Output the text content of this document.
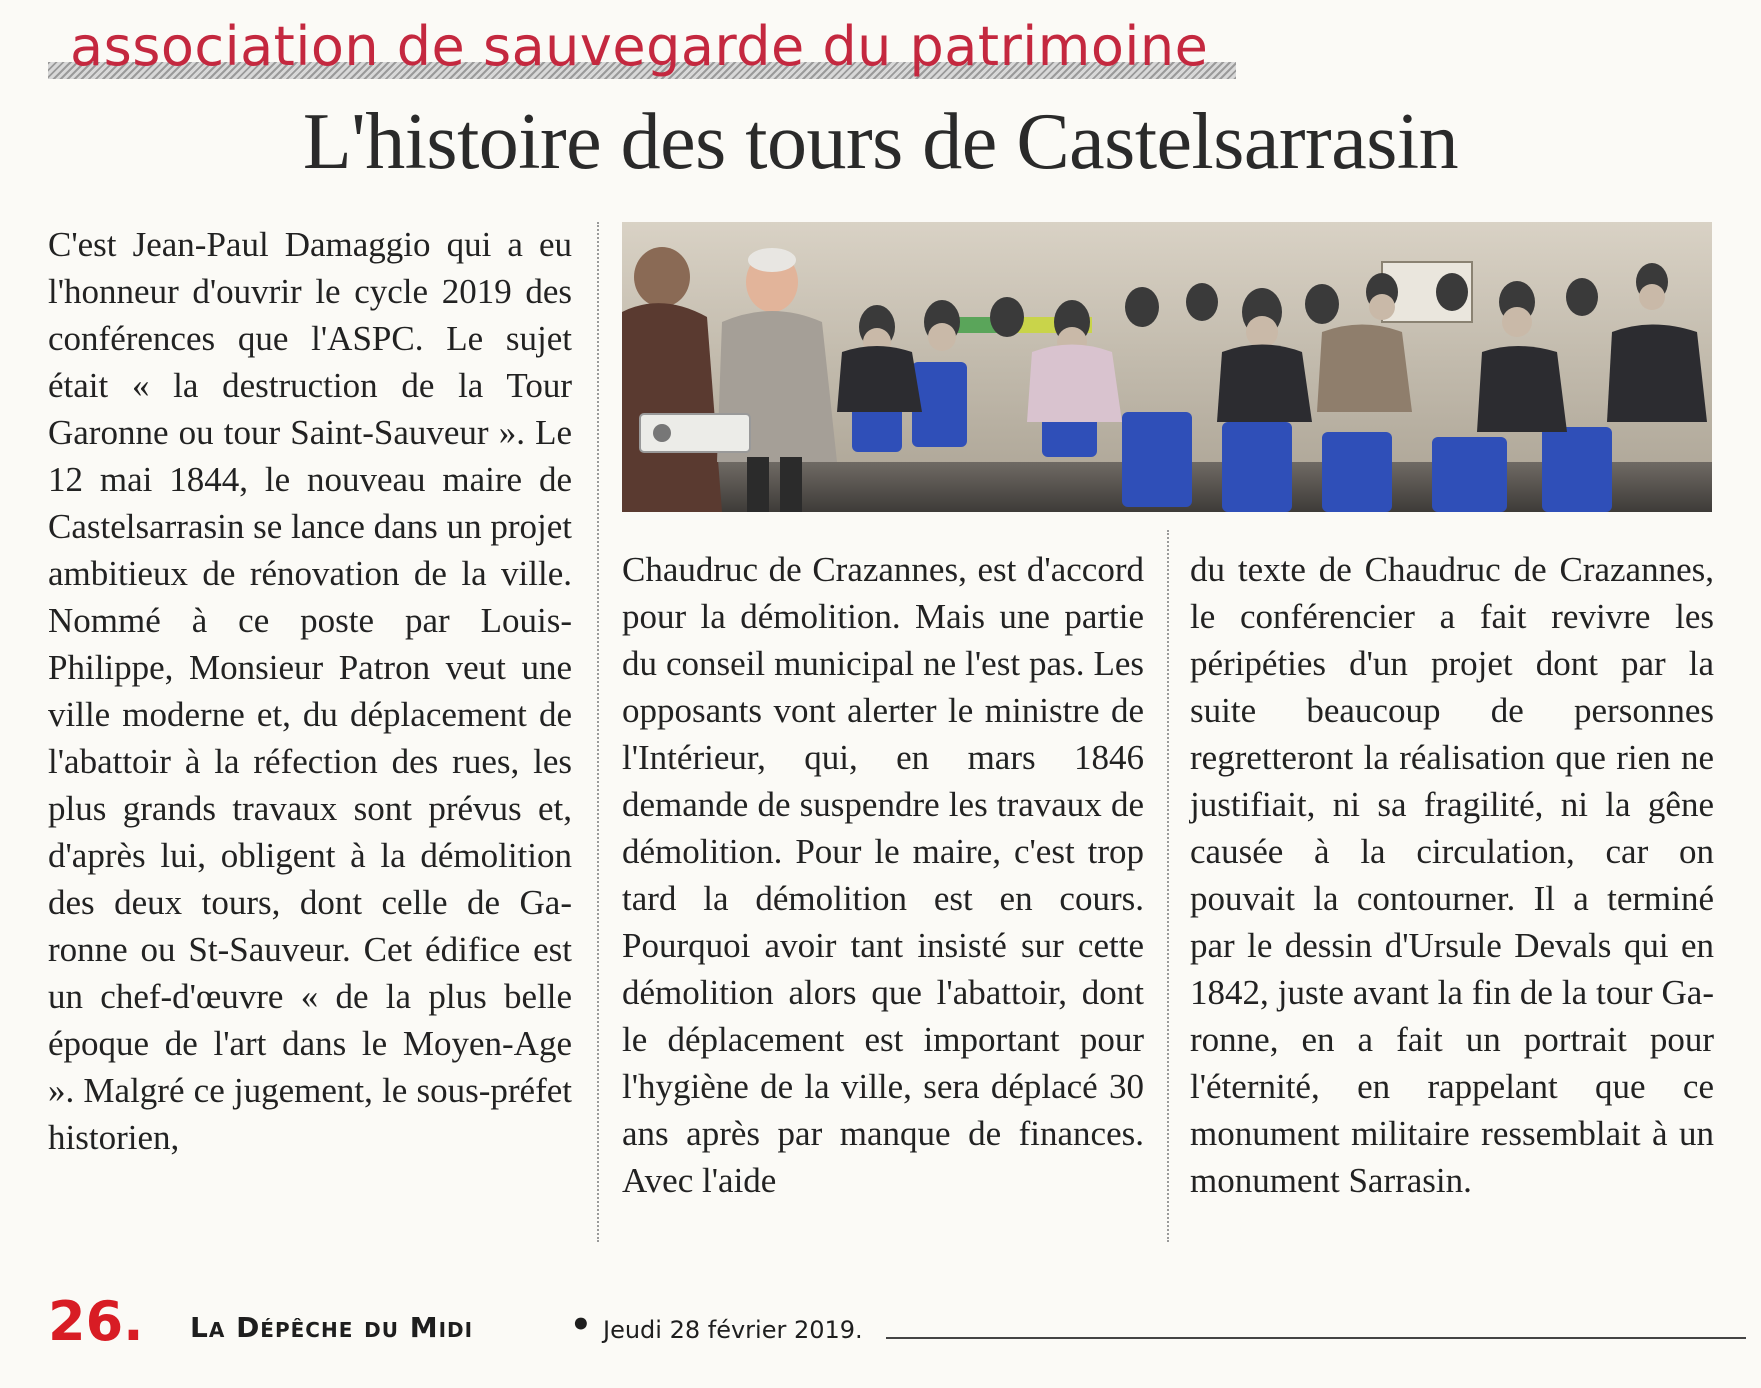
association de sauvegarde du patrimoine
L'histoire des tours de Castelsarrasin

C'est Jean-Paul Damaggio qui a eu l'honneur d'ouvrir le cycle 2019 des conférences que l'ASPC. Le sujet était « la destruction de la Tour Garonne ou tour Saint-Sauveur ». Le 12 mai 1844, le nouveau maire de Castelsarrasin se lance dans un projet ambitieux de rénovation de la ville. Nommé à ce poste par Louis-Philippe, Monsieur Patron veut une ville moderne et, du déplacement de l'abattoir à la réfection des rues, les plus grands travaux sont prévus et, d'après lui, obligent à la démolition des deux tours, dont celle de Garonne ou St-Sauveur. Cet édifice est un chef-d'œuvre « de la plus belle époque de l'art dans le Moyen-Age ». Malgré ce jugement, le sous-préfet historien,

Chaudruc de Crazannes, est d'accord pour la démolition. Mais une partie du conseil municipal ne l'est pas. Les opposants vont alerter le ministre de l'Intérieur, qui, en mars 1846 demande de suspendre les travaux de démolition. Pour le maire, c'est trop tard la démolition est en cours. Pourquoi avoir tant insisté sur cette démolition alors que l'abattoir, dont le déplacement est important pour l'hygiène de la ville, sera déplacé 30 ans après par manque de finances. Avec l'aide

du texte de Chaudruc de Crazannes, le conférencier a fait revivre les péripéties d'un projet dont par la suite beaucoup de personnes regretteront la réalisation que rien ne justifiait, ni sa fragilité, ni la gêne causée à la circulation, car on pouvait la contourner. Il a terminé par le dessin d'Ursule Devals qui en 1842, juste avant la fin de la tour Garonne, en a fait un portrait pour l'éternité, en rappelant que ce monument militaire ressemblait à un monument Sarrasin.

26. La Dépêche du Midi	• Jeudi 28 février 2019.
